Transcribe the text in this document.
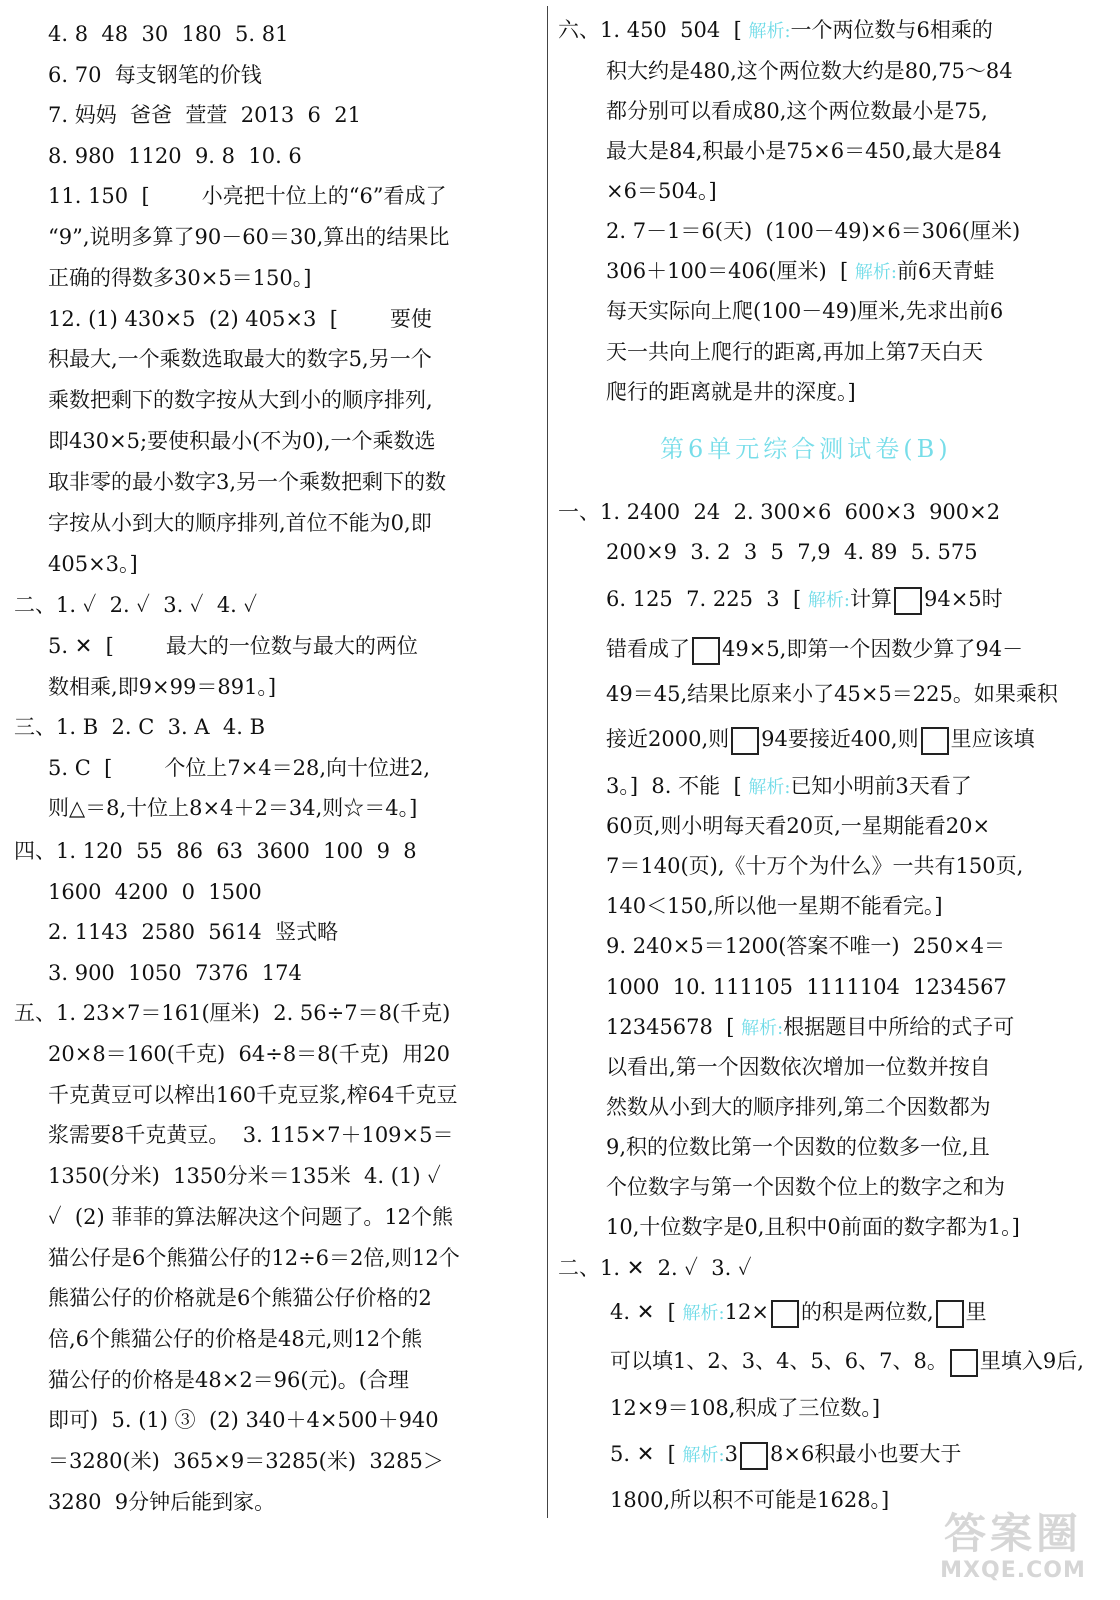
4. 8  48  30  180  5. 81
6. 70  每支钢笔的价钱
7. 妈妈  爸爸  萱萱  2013  6  21
8. 980  1120  9. 8  10. 6
11. 150  [ 小亮把十位上的“6”看成了
“9”,说明多算了90－60＝30,算出的结果比
正确的得数多30×5＝150。]
12. (1) 430×5  (2) 405×3  [ 要使
积最大,一个乘数选取最大的数字5,另一个
乘数把剩下的数字按从大到小的顺序排列,
即430×5;要使积最小(不为0),一个乘数选
取非零的最小数字3,另一个乘数把剩下的数
字按从小到大的顺序排列,首位不能为0,即
405×3。]
二、1. ✓  2. ✓  3. ✓  4. ✓
5. ✕  [ 最大的一位数与最大的两位
数相乘,即9×99＝891。]
三、1. B  2. C  3. A  4. B
5. C  [ 个位上7×4＝28,向十位进2,
则△＝8,十位上8×4＋2＝34,则☆＝4。]
四、1. 120  55  86  63  3600  100  9  8
1600  4200  0  1500
2. 1143  2580  5614  竖式略
3. 900  1050  7376  174
五、1. 23×7＝161(厘米)  2. 56÷7＝8(千克)
20×8＝160(千克)  64÷8＝8(千克)  用20
千克黄豆可以榨出160千克豆浆,榨64千克豆
浆需要8千克黄豆。  3. 115×7＋109×5＝
1350(分米)  1350分米＝135米  4. (1) ✓
✓  (2) 菲菲的算法解决这个问题了。12个熊
猫公仔是6个熊猫公仔的12÷6＝2倍,则12个
熊猫公仔的价格就是6个熊猫公仔价格的2
倍,6个熊猫公仔的价格是48元,则12个熊
猫公仔的价格是48×2＝96(元)。(合理
即可)  5. (1) ③  (2) 340＋4×500＋940
＝3280(米)  365×9＝3285(米)  3285＞
3280  9分钟后能到家。
六、1. 450  504  [ 解析:一个两位数与6相乘的
积大约是480,这个两位数大约是80,75～84
都分别可以看成80,这个两位数最小是75,
最大是84,积最小是75×6＝450,最大是84
×6＝504。]
2. 7－1＝6(天)  (100－49)×6＝306(厘米)
306＋100＝406(厘米)  [ 解析:前6天青蛙
每天实际向上爬(100－49)厘米,先求出前6
天一共向上爬行的距离,再加上第7天白天
爬行的距离就是井的深度。]
第6单元综合测试卷(B)
一、1. 2400  24  2. 300×6  600×3  900×2
200×9  3. 2  3  5  7,9  4. 89  5. 575
6. 125  7. 225  3  [ 解析:计算 94×5时
错看成了 49×5,即第一个因数少算了94－
49＝45,结果比原来小了45×5＝225。如果乘积
接近2000,则 94要接近400,则 里应该填
3。]  8. 不能  [ 解析:已知小明前3天看了
60页,则小明每天看20页,一星期能看20×
7＝140(页),《十万个为什么》一共有150页,
140＜150,所以他一星期不能看完。]
9. 240×5＝1200(答案不唯一)  250×4＝
1000  10. 111105  1111104  1234567
12345678  [ 解析:根据题目中所给的式子可
以看出,第一个因数依次增加一位数并按自
然数从小到大的顺序排列,第二个因数都为
9,积的位数比第一个因数的位数多一位,且
个位数字与第一个因数个位上的数字之和为
10,十位数字是0,且积中0前面的数字都为1。]
二、1. ✕  2. ✓  3. ✓
4. ✕  [ 解析:12× 的积是两位数, 里
可以填1、2、3、4、5、6、7、8。 里填入9后,
12×9＝108,积成了三位数。]
5. ✕  [ 解析:3 8×6积最小也要大于
1800,所以积不可能是1628。]
答案圈
MXQE.COM
